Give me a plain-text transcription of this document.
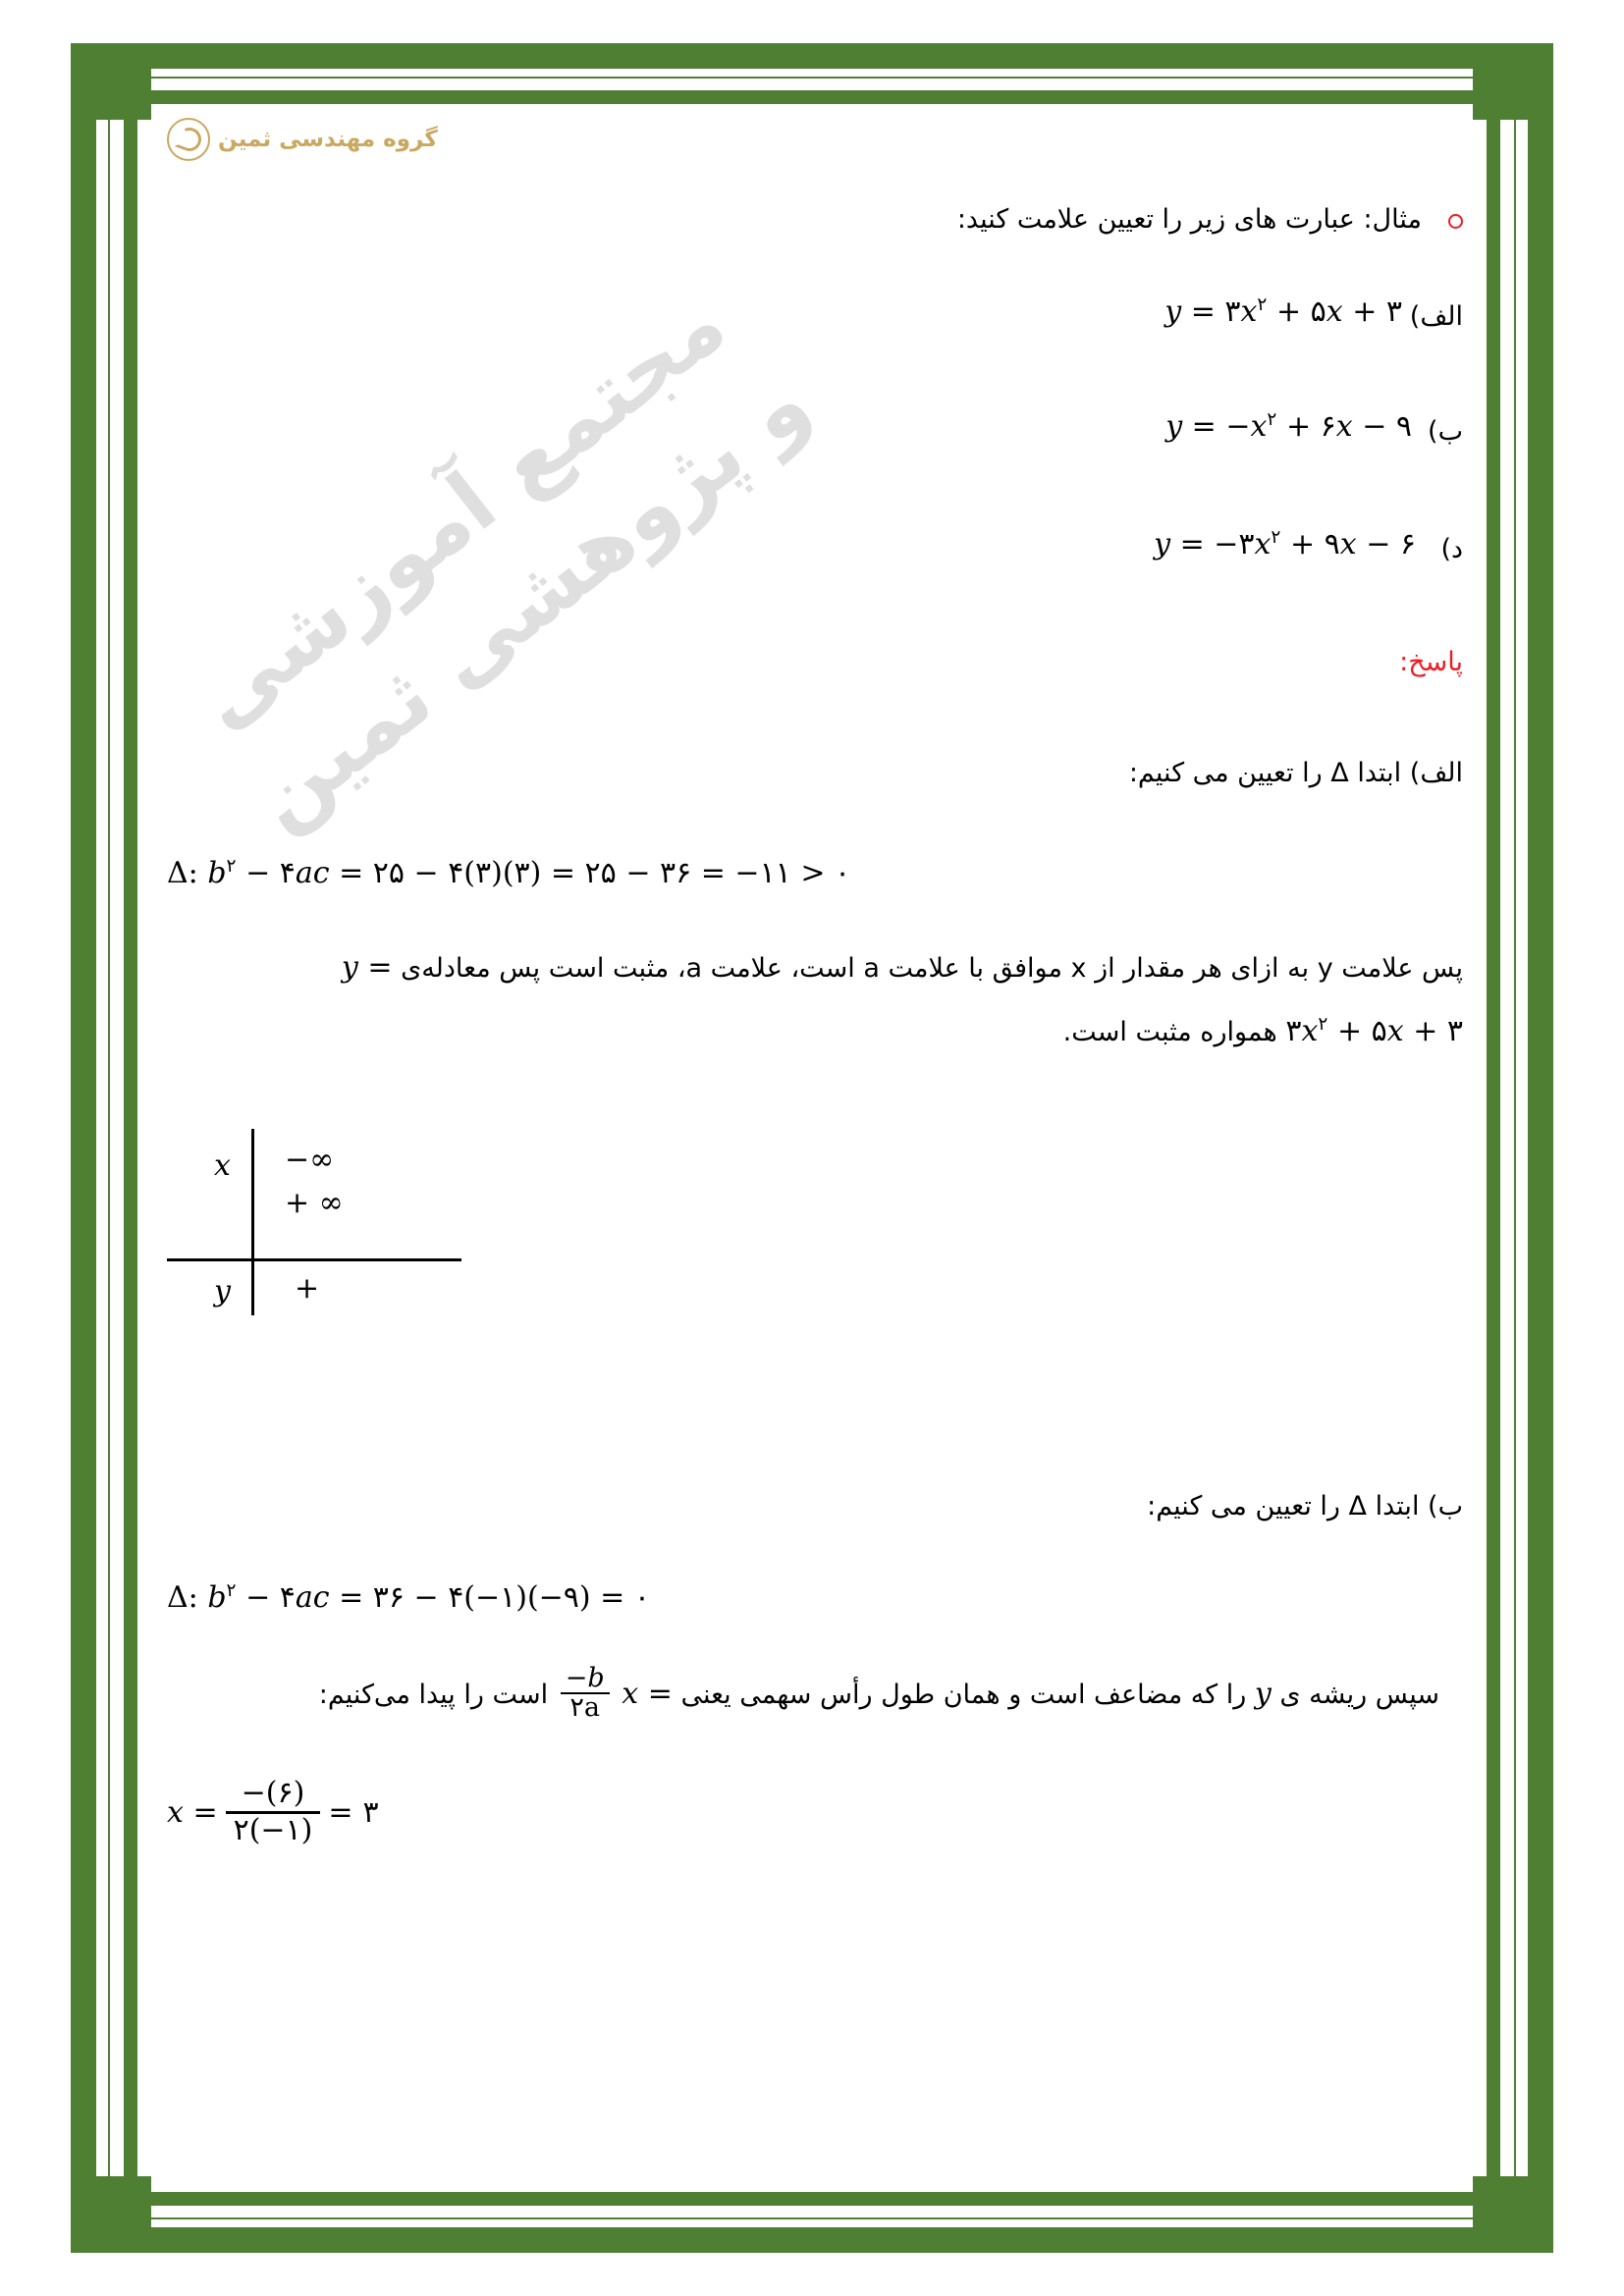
گروه مهندسی ثمین
مجتمع آموزشی و پژوهشی ثمین
مثال: عبارت های زیر را تعیین علامت کنید:
الف)
$y = ۳x^۲$ + ۵x + ۳
ب)
$y = -x^۲$ + ۶x − ۹
د)
$y = -۳x^۲$ + ۹x − ۶
پاسخ:
الف) ابتدا Δ را تعیین می کنیم:
Δ: $b^۲$ − ۴ac = ۲۵ − ۴(۳)(۳) = ۲۵ − ۳۶ = −۱۱ > ۰
پس علامت y به ازای هر مقدار از x موافق با علامت a است، علامت a، مثبت است پس معادله‌ی y =
$۳x^۲$ + ۵x + ۳ همواره مثبت است.
x −∞
+ ∞
y +
ب) ابتدا Δ را تعیین می کنیم:
Δ: $b^۲$ − ۴ac = ۳۶ − ۴(−۱)(−۹) = ۰
سپس ریشه ی y را که مضاعف است و همان طول رأس سهمی یعنی x =
$\frac{-b}{۲a}$
است را پیدا می‌کنیم:
$x = \frac{-(۶)}{۲(-۱)}$ = ۳
